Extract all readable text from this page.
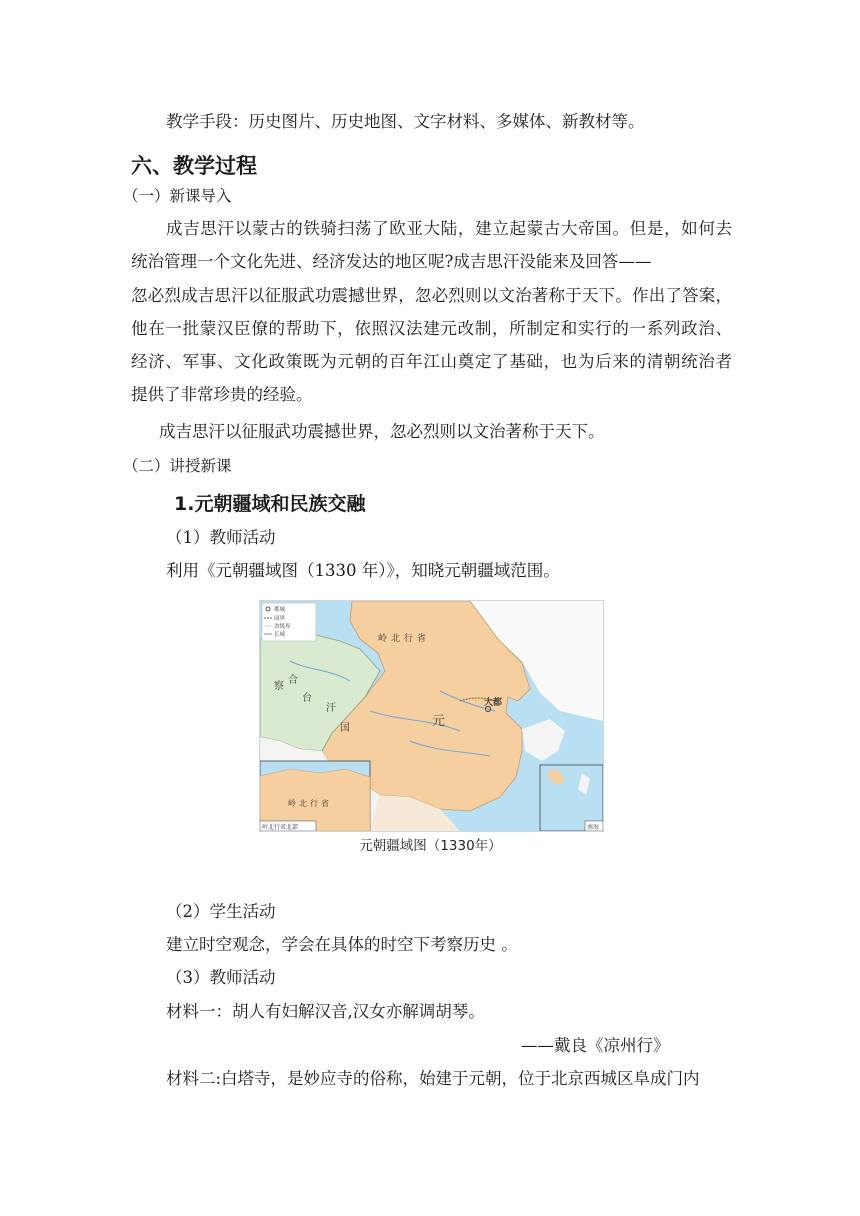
教学手段：历史图片、历史地图、文字材料、多媒体、新教材等。
六、教学过程
（一）新课导入
成吉思汗以蒙古的铁骑扫荡了欧亚大陆，建立起蒙古大帝国。但是，如何去
统治管理一个文化先进、经济发达的地区呢?成吉思汗没能来及回答——
忽必烈成吉思汗以征服武功震撼世界，忽必烈则以文治著称于天下。作出了答案，
他在一批蒙汉臣僚的帮助下，依照汉法建元改制，所制定和实行的一系列政治、
经济、军事、文化政策既为元朝的百年江山奠定了基础，也为后来的清朝统治者
提供了非常珍贵的经验。
成吉思汗以征服武功震撼世界，忽必烈则以文治著称于天下。
（二）讲授新课
1.元朝疆域和民族交融
（1）教师活动
利用《元朝疆域图（1330 年）》，知晓元朝疆域范围。
都城
国界
省级界
长城	岭北行省
察
合
台
汗
国
大都
元
岭北行省
岭北行省北部	南海
元朝疆域图（1330年）
（2）学生活动
建立时空观念，学会在具体的时空下考察历史 。
（3）教师活动
材料一：胡人有妇解汉音,汉女亦解调胡琴。
——戴良《凉州行》
材料二:白塔寺，是妙应寺的俗称，始建于元朝，位于北京西城区阜成门内
